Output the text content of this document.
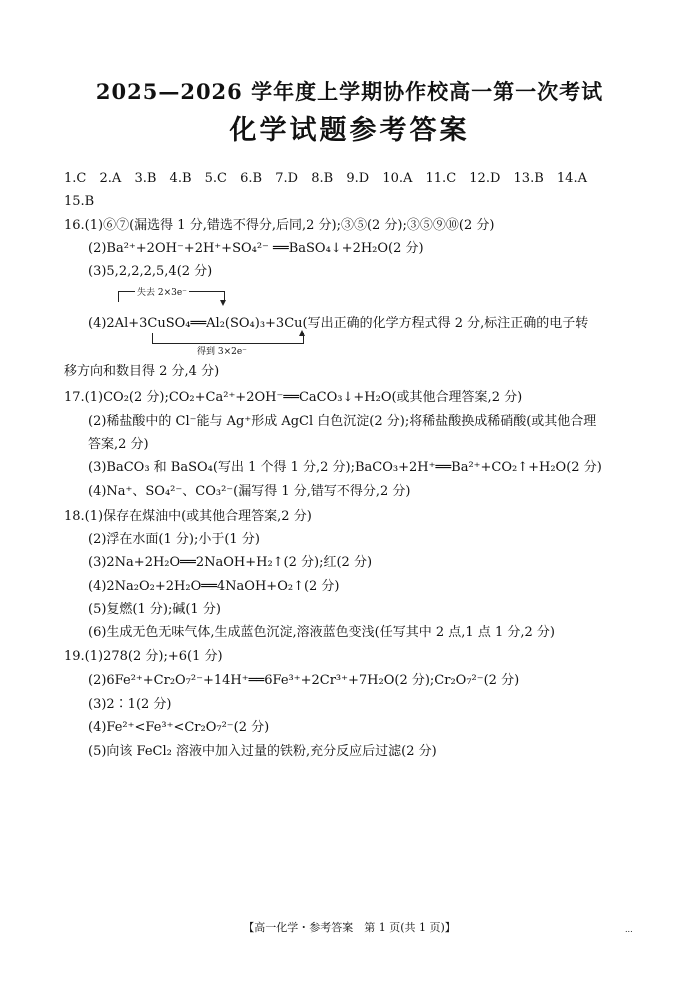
2025—2026 学年度上学期协作校高一第一次考试
化学试题参考答案
1.C 2.A 3.B 4.B 5.C 6.B 7.D 8.B 9.D 10.A 11.C 12.D 13.B 14.A
15.B
16.(1)⑥⑦(漏选得 1 分,错选不得分,后同,2 分);③⑤(2 分);③⑤⑨⑩(2 分)
(2)Ba²⁺+2OH⁻+2H⁺+SO₄²⁻ ══BaSO₄↓+2H₂O(2 分)
(3)5,2,2,2,5,4(2 分)
失去 2×3e⁻
(4)2Al+3CuSO₄══Al₂(SO₄)₃+3Cu(写出正确的化学方程式得 2 分,标注正确的电子转
得到 3×2e⁻
移方向和数目得 2 分,4 分)
17.(1)CO₂(2 分);CO₂+Ca²⁺+2OH⁻══CaCO₃↓+H₂O(或其他合理答案,2 分)
(2)稀盐酸中的 Cl⁻能与 Ag⁺形成 AgCl 白色沉淀(2 分);将稀盐酸换成稀硝酸(或其他合理
答案,2 分)
(3)BaCO₃ 和 BaSO₄(写出 1 个得 1 分,2 分);BaCO₃+2H⁺══Ba²⁺+CO₂↑+H₂O(2 分)
(4)Na⁺、SO₄²⁻、CO₃²⁻(漏写得 1 分,错写不得分,2 分)
18.(1)保存在煤油中(或其他合理答案,2 分)
(2)浮在水面(1 分);小于(1 分)
(3)2Na+2H₂O══2NaOH+H₂↑(2 分);红(2 分)
(4)2Na₂O₂+2H₂O══4NaOH+O₂↑(2 分)
(5)复燃(1 分);碱(1 分)
(6)生成无色无味气体,生成蓝色沉淀,溶液蓝色变浅(任写其中 2 点,1 点 1 分,2 分)
19.(1)278(2 分);+6(1 分)
(2)6Fe²⁺+Cr₂O₇²⁻+14H⁺══6Fe³⁺+2Cr³⁺+7H₂O(2 分);Cr₂O₇²⁻(2 分)
(3)2∶1(2 分)
(4)Fe²⁺<Fe³⁺<Cr₂O₇²⁻(2 分)
(5)向该 FeCl₂ 溶液中加入过量的铁粉,充分反应后过滤(2 分)
【高一化学・参考答案　第 1 页(共 1 页)】	...
